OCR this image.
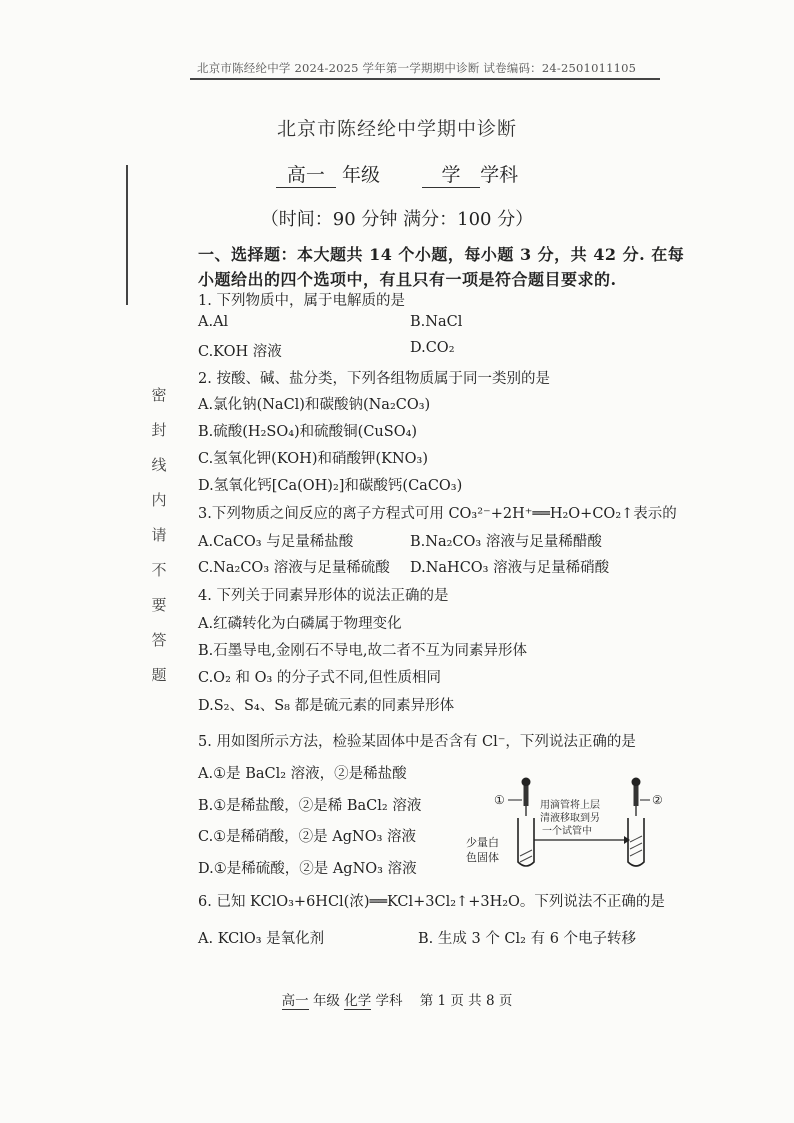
北京市陈经纶中学 2024-2025 学年第一学期期中诊断 试卷编码：24-2501011105
北京市陈经纶中学期中诊断
高一 年级	学 学科
（时间：90 分钟 满分：100 分）
密
封
线
内
请
不
要
答
题
一、选择题：本大题共 14 个小题，每小题 3 分，共 42 分. 在每
小题给出的四个选项中，有且只有一项是符合题目要求的.
1. 下列物质中，属于电解质的是
A.Al	B.NaCl
C.KOH 溶液	D.CO₂
2. 按酸、碱、盐分类，下列各组物质属于同一类别的是
A.氯化钠(NaCl)和碳酸钠(Na₂CO₃)
B.硫酸(H₂SO₄)和硫酸铜(CuSO₄)
C.氢氧化钾(KOH)和硝酸钾(KNO₃)
D.氢氧化钙[Ca(OH)₂]和碳酸钙(CaCO₃)
3.下列物质之间反应的离子方程式可用 CO₃²⁻+2H⁺══H₂O+CO₂↑表示的
A.CaCO₃ 与足量稀盐酸	B.Na₂CO₃ 溶液与足量稀醋酸
C.Na₂CO₃ 溶液与足量稀硫酸 D.NaHCO₃ 溶液与足量稀硝酸
4. 下列关于同素异形体的说法正确的是
A.红磷转化为白磷属于物理变化
B.石墨导电,金刚石不导电,故二者不互为同素异形体
C.O₂ 和 O₃ 的分子式不同,但性质相同
D.S₂、S₄、S₈ 都是硫元素的同素异形体
5. 用如图所示方法，检验某固体中是否含有 Cl⁻，下列说法正确的是
A.①是 BaCl₂ 溶液，②是稀盐酸
B.①是稀盐酸，②是稀 BaCl₂ 溶液
C.①是稀硝酸，②是 AgNO₃ 溶液
D.①是稀硫酸，②是 AgNO₃ 溶液
①	②
用滴管将上层
清液移取到另
一个试管中
少量白
色固体
6. 已知 KClO₃+6HCl(浓)══KCl+3Cl₂↑+3H₂O。下列说法不正确的是
A. KClO₃ 是氧化剂	B. 生成 3 个 Cl₂ 有 6 个电子转移
高一 年级 化学 学科 第 1 页 共 8 页
